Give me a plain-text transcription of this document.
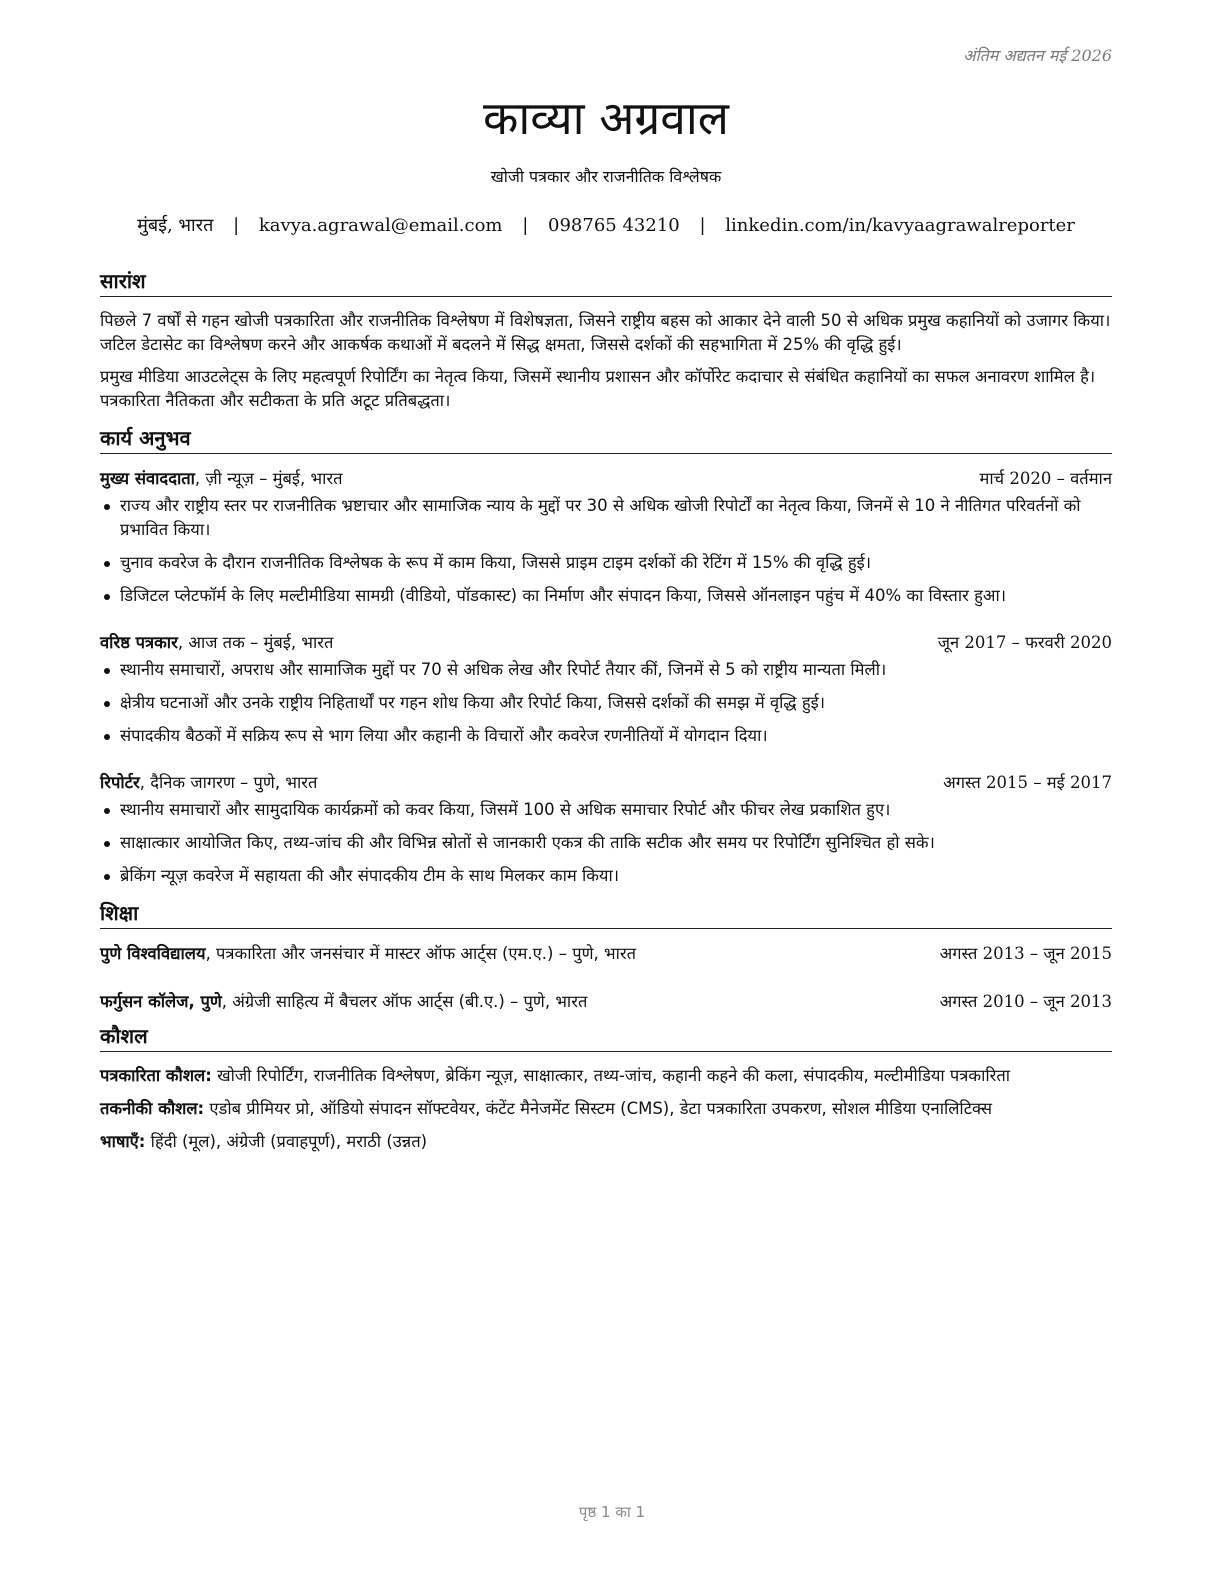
अंतिम अद्यतन मई 2026
काव्या अग्रवाल
खोजी पत्रकार और राजनीतिक विश्लेषक
मुंबई, भारत | kavya.agrawal@email.com | 098765 43210 | linkedin.com/in/kavyaagrawalreporter
सारांश

पिछले 7 वर्षों से गहन खोजी पत्रकारिता और राजनीतिक विश्लेषण में विशेषज्ञता, जिसने राष्ट्रीय बहस को आकार देने वाली 50 से अधिक प्रमुख कहानियों को उजागर किया। जटिल डेटासेट का विश्लेषण करने और आकर्षक कथाओं में बदलने में सिद्ध क्षमता, जिससे दर्शकों की सहभागिता में 25% की वृद्धि हुई।

प्रमुख मीडिया आउटलेट्स के लिए महत्वपूर्ण रिपोर्टिंग का नेतृत्व किया, जिसमें स्थानीय प्रशासन और कॉर्पोरेट कदाचार से संबंधित कहानियों का सफल अनावरण शामिल है। पत्रकारिता नैतिकता और सटीकता के प्रति अटूट प्रतिबद्धता।

कार्य अनुभव
मुख्य संवाददाता, ज़ी न्यूज़ – मुंबई, भारत	मार्च 2020 – वर्तमान
राज्य और राष्ट्रीय स्तर पर राजनीतिक भ्रष्टाचार और सामाजिक न्याय के मुद्दों पर 30 से अधिक खोजी रिपोर्टों का नेतृत्व किया, जिनमें से 10 ने नीतिगत परिवर्तनों को प्रभावित किया।
चुनाव कवरेज के दौरान राजनीतिक विश्लेषक के रूप में काम किया, जिससे प्राइम टाइम दर्शकों की रेटिंग में 15% की वृद्धि हुई।
डिजिटल प्लेटफॉर्म के लिए मल्टीमीडिया सामग्री (वीडियो, पॉडकास्ट) का निर्माण और संपादन किया, जिससे ऑनलाइन पहुंच में 40% का विस्तार हुआ।
वरिष्ठ पत्रकार, आज तक – मुंबई, भारत	जून 2017 – फरवरी 2020
स्थानीय समाचारों, अपराध और सामाजिक मुद्दों पर 70 से अधिक लेख और रिपोर्ट तैयार कीं, जिनमें से 5 को राष्ट्रीय मान्यता मिली।
क्षेत्रीय घटनाओं और उनके राष्ट्रीय निहितार्थों पर गहन शोध किया और रिपोर्ट किया, जिससे दर्शकों की समझ में वृद्धि हुई।
संपादकीय बैठकों में सक्रिय रूप से भाग लिया और कहानी के विचारों और कवरेज रणनीतियों में योगदान दिया।
रिपोर्टर, दैनिक जागरण – पुणे, भारत	अगस्त 2015 – मई 2017
स्थानीय समाचारों और सामुदायिक कार्यक्रमों को कवर किया, जिसमें 100 से अधिक समाचार रिपोर्ट और फीचर लेख प्रकाशित हुए।
साक्षात्कार आयोजित किए, तथ्य-जांच की और विभिन्न स्रोतों से जानकारी एकत्र की ताकि सटीक और समय पर रिपोर्टिंग सुनिश्चित हो सके।
ब्रेकिंग न्यूज़ कवरेज में सहायता की और संपादकीय टीम के साथ मिलकर काम किया।
शिक्षा
पुणे विश्वविद्यालय, पत्रकारिता और जनसंचार में मास्टर ऑफ आर्ट्स (एम.ए.) – पुणे, भारत	अगस्त 2013 – जून 2015
फर्गुसन कॉलेज, पुणे, अंग्रेजी साहित्य में बैचलर ऑफ आर्ट्स (बी.ए.) – पुणे, भारत	अगस्त 2010 – जून 2013
कौशल
पत्रकारिता कौशल: खोजी रिपोर्टिंग, राजनीतिक विश्लेषण, ब्रेकिंग न्यूज़, साक्षात्कार, तथ्य-जांच, कहानी कहने की कला, संपादकीय, मल्टीमीडिया पत्रकारिता
तकनीकी कौशल: एडोब प्रीमियर प्रो, ऑडियो संपादन सॉफ्टवेयर, कंटेंट मैनेजमेंट सिस्टम (CMS), डेटा पत्रकारिता उपकरण, सोशल मीडिया एनालिटिक्स
भाषाएँ: हिंदी (मूल), अंग्रेजी (प्रवाहपूर्ण), मराठी (उन्नत)
पृष्ठ 1 का 1
